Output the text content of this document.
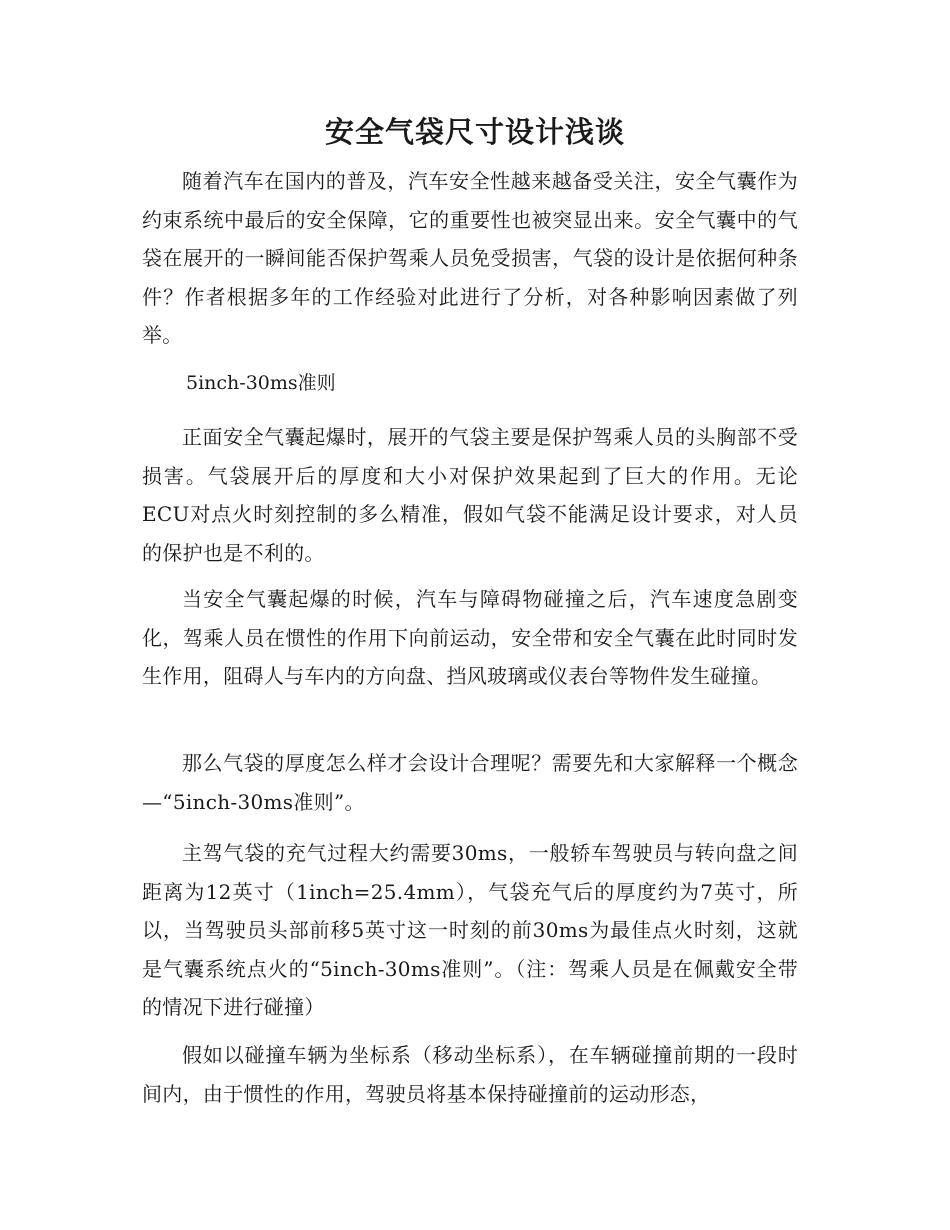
安全气袋尺寸设计浅谈

随着汽车在国内的普及，汽车安全性越来越备受关注，安全气囊作为约束系统中最后的安全保障，它的重要性也被突显出来。安全气囊中的气袋在展开的一瞬间能否保护驾乘人员免受损害，气袋的设计是依据何种条件？作者根据多年的工作经验对此进行了分析，对各种影响因素做了列举。

5inch-30ms准则

正面安全气囊起爆时，展开的气袋主要是保护驾乘人员的头胸部不受损害。气袋展开后的厚度和大小对保护效果起到了巨大的作用。无论ECU对点火时刻控制的多么精准，假如气袋不能满足设计要求，对人员的保护也是不利的。

当安全气囊起爆的时候，汽车与障碍物碰撞之后，汽车速度急剧变化，驾乘人员在惯性的作用下向前运动，安全带和安全气囊在此时同时发生作用，阻碍人与车内的方向盘、挡风玻璃或仪表台等物件发生碰撞。

那么气袋的厚度怎么样才会设计合理呢？需要先和大家解释一个概念 —“5inch-30ms准则”。

主驾气袋的充气过程大约需要30ms，一般轿车驾驶员与转向盘之间距离为12英寸（1inch=25.4mm），气袋充气后的厚度约为7英寸，所以，当驾驶员头部前移5英寸这一时刻的前30ms为最佳点火时刻，这就是气囊系统点火的“5inch-30ms准则”。（注：驾乘人员是在佩戴安全带的情况下进行碰撞）

假如以碰撞车辆为坐标系（移动坐标系），在车辆碰撞前期的一段时间内，由于惯性的作用，驾驶员将基本保持碰撞前的运动形态，
